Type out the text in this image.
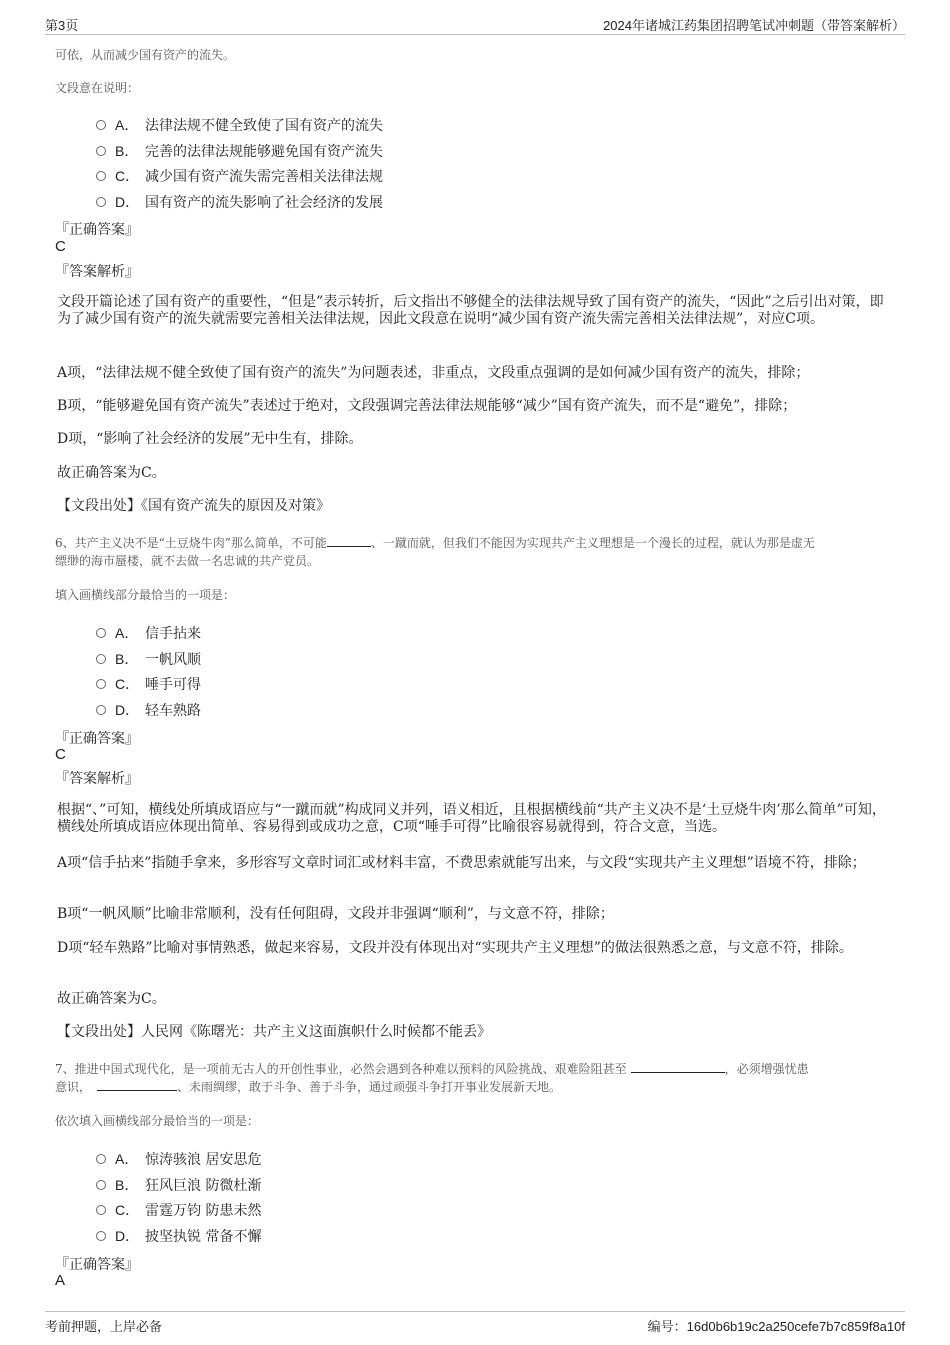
第3页	2024年诸城江药集团招聘笔试冲刺题（带答案解析）
可依，从而减少国有资产的流失。
文段意在说明：
A． 法律法规不健全致使了国有资产的流失
B． 完善的法律法规能够避免国有资产流失
C． 减少国有资产流失需完善相关法律法规
D． 国有资产的流失影响了社会经济的发展
『正确答案』
C
『答案解析』
文段开篇论述了国有资产的重要性，“但是”表示转折，后文指出不够健全的法律法规导致了国有资产的流失，“因此”之后引出对策，即为了减少国有资产的流失就需要完善相关法律法规，因此文段意在说明“减少国有资产流失需完善相关法律法规”，对应C项。
A项，“法律法规不健全致使了国有资产的流失”为问题表述，非重点，文段重点强调的是如何减少国有资产的流失，排除；
B项，“能够避免国有资产流失”表述过于绝对，文段强调完善法律法规能够“减少”国有资产流失，而不是“避免”，排除；
D项，“影响了社会经济的发展”无中生有，排除。
故正确答案为C。
【文段出处】《国有资产流失的原因及对策》
6、共产主义决不是“土豆烧牛肉”那么简单，不可能	、一蹴而就，但我们不能因为实现共产主义理想是一个漫长的过程，就认为那是虚无
缥缈的海市蜃楼，就不去做一名忠诚的共产党员。
填入画横线部分最恰当的一项是：
A． 信手拈来
B． 一帆风顺
C． 唾手可得
D． 轻车熟路
『正确答案』
C
『答案解析』
根据“、”可知，横线处所填成语应与“一蹴而就”构成同义并列，语义相近，且根据横线前“共产主义决不是‘土豆烧牛肉’那么简单”可知，横线处所填成语应体现出简单、容易得到或成功之意，C项“唾手可得”比喻很容易就得到，符合文意，当选。
A项“信手拈来”指随手拿来，多形容写文章时词汇或材料丰富，不费思索就能写出来，与文段“实现共产主义理想”语境不符，排除；
B项“一帆风顺”比喻非常顺利，没有任何阻碍，文段并非强调“顺利”，与文意不符，排除；
D项“轻车熟路”比喻对事情熟悉，做起来容易，文段并没有体现出对“实现共产主义理想”的做法很熟悉之意，与文意不符，排除。
故正确答案为C。
【文段出处】人民网《陈曙光：共产主义这面旗帜什么时候都不能丢》
7、推进中国式现代化，是一项前无古人的开创性事业，必然会遇到各种难以预料的风险挑战、艰难险阻甚至	，必须增强忧患
意识，	、未雨绸缪，敢于斗争、善于斗争，通过顽强斗争打开事业发展新天地。
依次填入画横线部分最恰当的一项是：
A． 惊涛骇浪 居安思危
B． 狂风巨浪 防微杜渐
C． 雷霆万钧 防患未然
D． 披坚执锐 常备不懈
『正确答案』
A
考前押题，上岸必备	编号：16d0b6b19c2a250cefe7b7c859f8a10f
